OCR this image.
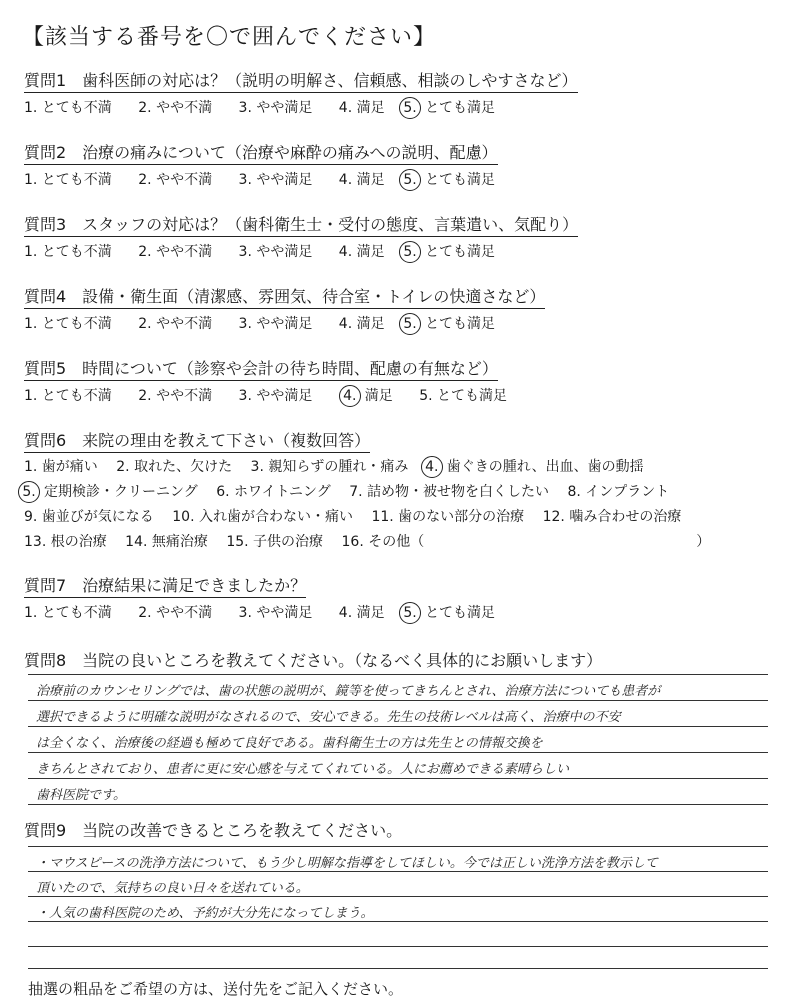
【該当する番号を〇で囲んでください】
質問1　歯科医師の対応は？（説明の明解さ、信頼感、相談のしやすさなど）
1. とても不満 2. やや不満 3. やや満足 4. 満足 5. とても満足
質問2　治療の痛みについて（治療や麻酔の痛みへの説明、配慮）
1. とても不満 2. やや不満 3. やや満足 4. 満足 5. とても満足
質問3　スタッフの対応は？（歯科衛生士・受付の態度、言葉遣い、気配り）
1. とても不満 2. やや不満 3. やや満足 4. 満足 5. とても満足
質問4　設備・衛生面（清潔感、雰囲気、待合室・トイレの快適さなど）
1. とても不満 2. やや不満 3. やや満足 4. 満足 5. とても満足
質問5　時間について（診察や会計の待ち時間、配慮の有無など）
1. とても不満 2. やや不満 3. やや満足 4. 満足 5. とても満足
質問6　来院の理由を教えて下さい（複数回答）
1. 歯が痛い 2. 取れた、欠けた 3. 親知らずの腫れ・痛み 4. 歯ぐきの腫れ、出血、歯の動揺
5. 定期検診・クリーニング 6. ホワイトニング 7. 詰め物・被せ物を白くしたい 8. インプラント
9. 歯並びが気になる 10. 入れ歯が合わない・痛い 11. 歯のない部分の治療 12. 噛み合わせの治療
13. 根の治療 14. 無痛治療 15. 子供の治療 16. その他（	）
質問7　治療結果に満足できましたか？
1. とても不満 2. やや不満 3. やや満足 4. 満足 5. とても満足
質問8　当院の良いところを教えてください。（なるべく具体的にお願いします）
治療前のカウンセリングでは、歯の状態の説明が、鏡等を使ってきちんとされ、治療方法についても患者が
選択できるように明確な説明がなされるので、安心できる。先生の技術レベルは高く、治療中の不安
は全くなく、治療後の経過も極めて良好である。歯科衛生士の方は先生との情報交換を
きちんとされており、患者に更に安心感を与えてくれている。人にお薦めできる素晴らしい
歯科医院です。
質問9　当院の改善できるところを教えてください。
・マウスピースの洗浄方法について、もう少し明解な指導をしてほしい。今では正しい洗浄方法を教示して
頂いたので、気持ちの良い日々を送れている。
・人気の歯科医院のため、予約が大分先になってしまう。
抽選の粗品をご希望の方は、送付先をご記入ください。
